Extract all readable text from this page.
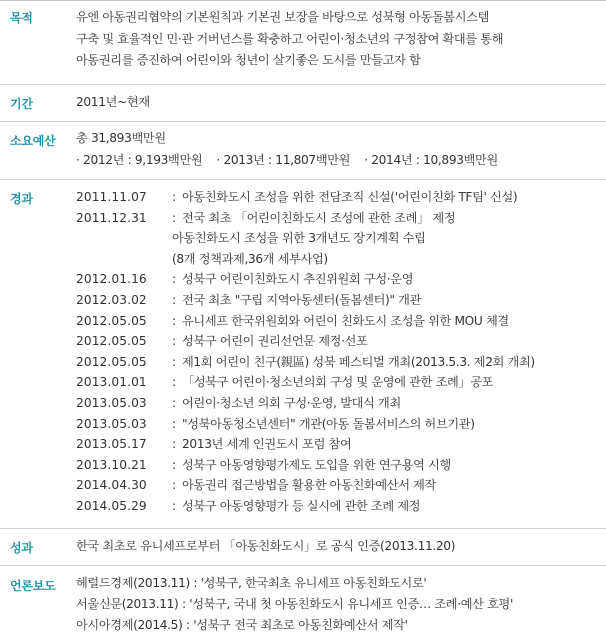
목적	유엔 아동권리협약의 기본원칙과 기본권 보장을 바탕으로 성북형 아동돌봄시스템
구축 및 효율적인 민·관 거버넌스를 확충하고 어린이·청소년의 구정참여 확대를 통해
아동권리를 증진하여 어린이와 청년이 살기좋은 도시를 만들고자 함
기간	2011년~현재
소요예산 총 31,893백만원
· 2012년 : 9,193백만원    · 2013년 : 11,807백만원    · 2014년 : 10,893백만원
경과	2011.11.07	: 아동친화도시 조성을 위한 전담조직 신설('어린이친화 TF팀' 신설)
2011.12.31	: 전국 최초 「어린이친화도시 조성에 관한 조례」 제정
아동친화도시 조성을 위한 3개년도 장기계획 수립
(8개 정책과제,36개 세부사업)
2012.01.16	: 성북구 어린이친화도시 추진위원회 구성·운영
2012.03.02	: 전국 최초 "구립 지역아동센터(돌봄센터)" 개관
2012.05.05	: 유니세프 한국위원회와 어린이 친화도시 조성을 위한 MOU 체결
2012.05.05	: 성북구 어린이 권리선언문 제정·선포
2012.05.05	: 제1회 어린이 친구(親區) 성북 페스티벌 개최(2013.5.3. 제2회 개최)
2013.01.01	: 「성북구 어린이·청소년의회 구성 및 운영에 관한 조례」공포
2013.05.03	: 어린이·청소년 의회 구성·운영, 발대식 개최
2013.05.03	: "성북아동청소년센터" 개관(아동 돌봄서비스의 허브기관)
2013.05.17	: 2013년 세계 인권도시 포럼 참여
2013.10.21	: 성북구 아동영향평가제도 도입을 위한 연구용역 시행
2014.04.30	: 아동권리 접근방법을 활용한 아동친화예산서 제작
2014.05.29	: 성북구 아동영향평가 등 실시에 관한 조례 제정
성과	한국 최초로 유니세프로부터 「아동친화도시」로 공식 인증(2013.11.20)
언론보도 헤럴드경제(2013.11) : '성북구, 한국최초 유니세프 아동친화도시로'
서울신문(2013.11) : '성북구, 국내 첫 아동친화도시 유니세프 인증… 조례·예산 호평'
아시아경제(2014.5) : '성북구 전국 최초로 아동친화예산서 제작'
